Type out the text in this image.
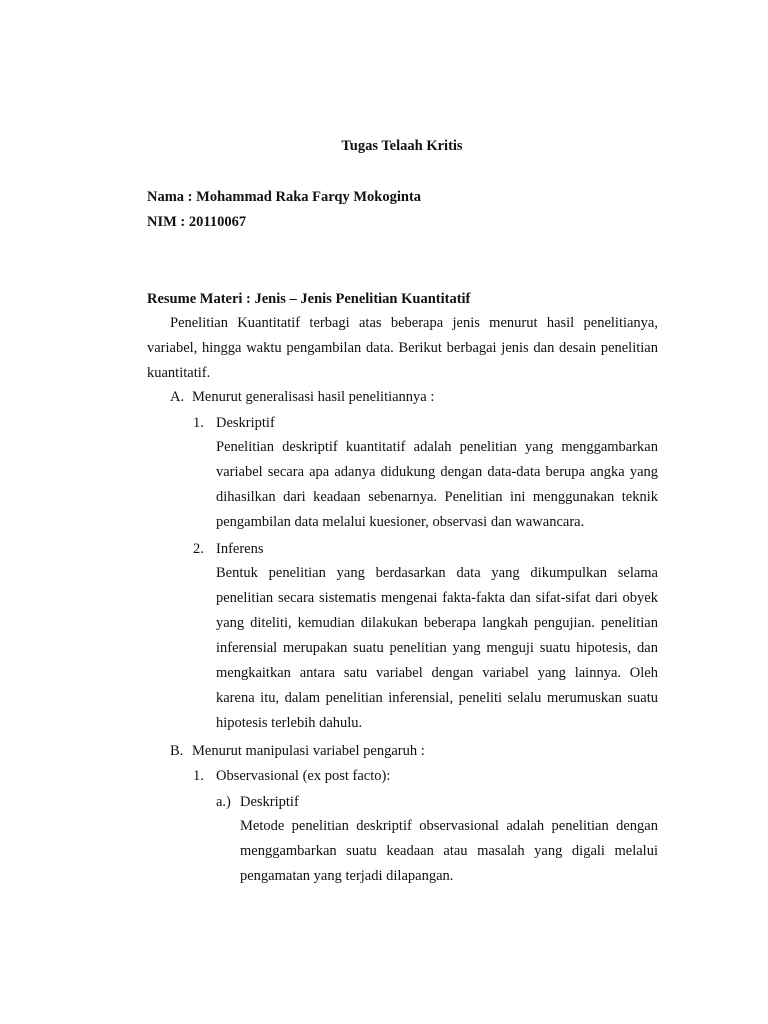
Tugas Telaah Kritis
Nama : Mohammad Raka Farqy Mokoginta
NIM : 20110067
Resume Materi : Jenis – Jenis Penelitian Kuantitatif
Penelitian Kuantitatif terbagi atas beberapa jenis menurut hasil penelitianya, variabel, hingga waktu pengambilan data. Berikut berbagai jenis dan desain penelitian kuantitatif.
A. Menurut generalisasi hasil penelitiannya :
1. Deskriptif
Penelitian deskriptif kuantitatif adalah penelitian yang menggambarkan variabel secara apa adanya didukung dengan data-data berupa angka yang dihasilkan dari keadaan sebenarnya. Penelitian ini menggunakan teknik pengambilan data melalui kuesioner, observasi dan wawancara.
2. Inferens
Bentuk penelitian yang berdasarkan data yang dikumpulkan selama penelitian secara sistematis mengenai fakta-fakta dan sifat-sifat dari obyek yang diteliti, kemudian dilakukan beberapa langkah pengujian. penelitian inferensial merupakan suatu penelitian yang menguji suatu hipotesis, dan mengkaitkan antara satu variabel dengan variabel yang lainnya. Oleh karena itu, dalam penelitian inferensial, peneliti selalu merumuskan suatu hipotesis terlebih dahulu.
B. Menurut manipulasi variabel pengaruh :
1. Observasional (ex post facto):
a.) Deskriptif
Metode penelitian deskriptif observasional adalah penelitian dengan menggambarkan suatu keadaan atau masalah yang digali melalui pengamatan yang terjadi dilapangan.
